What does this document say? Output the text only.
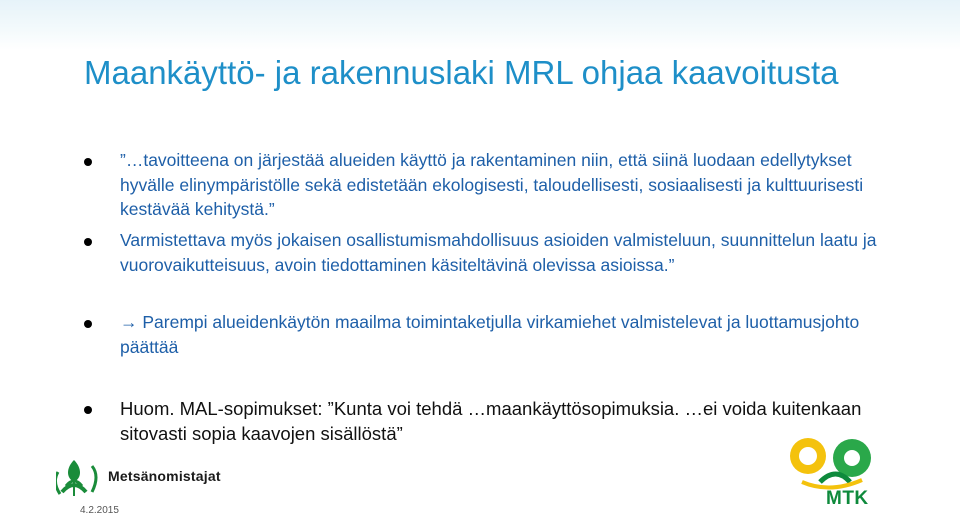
Maankäyttö- ja rakennuslaki MRL ohjaa kaavoitusta
”…tavoitteena on järjestää alueiden käyttö ja rakentaminen niin, että siinä luodaan edellytykset hyvälle elinympäristölle sekä edistetään ekologisesti, taloudellisesti, sosiaalisesti ja kulttuurisesti kestävää kehitystä.”
Varmistettava myös jokaisen osallistumismahdollisuus asioiden valmisteluun, suunnittelun laatu ja vuorovaikutteisuus, avoin tiedottaminen käsiteltävinä olevissa asioissa.”
→ Parempi alueidenkäytön maailma toimintaketjulla virkamiehet valmistelevat ja luottamusjohto päättää
Huom. MAL-sopimukset: ”Kunta voi tehdä …maankäyttösopimuksia. …ei voida kuitenkaan sitovasti sopia kaavojen sisällöstä”
Metsänomistajat
4.2.2015
MTK
